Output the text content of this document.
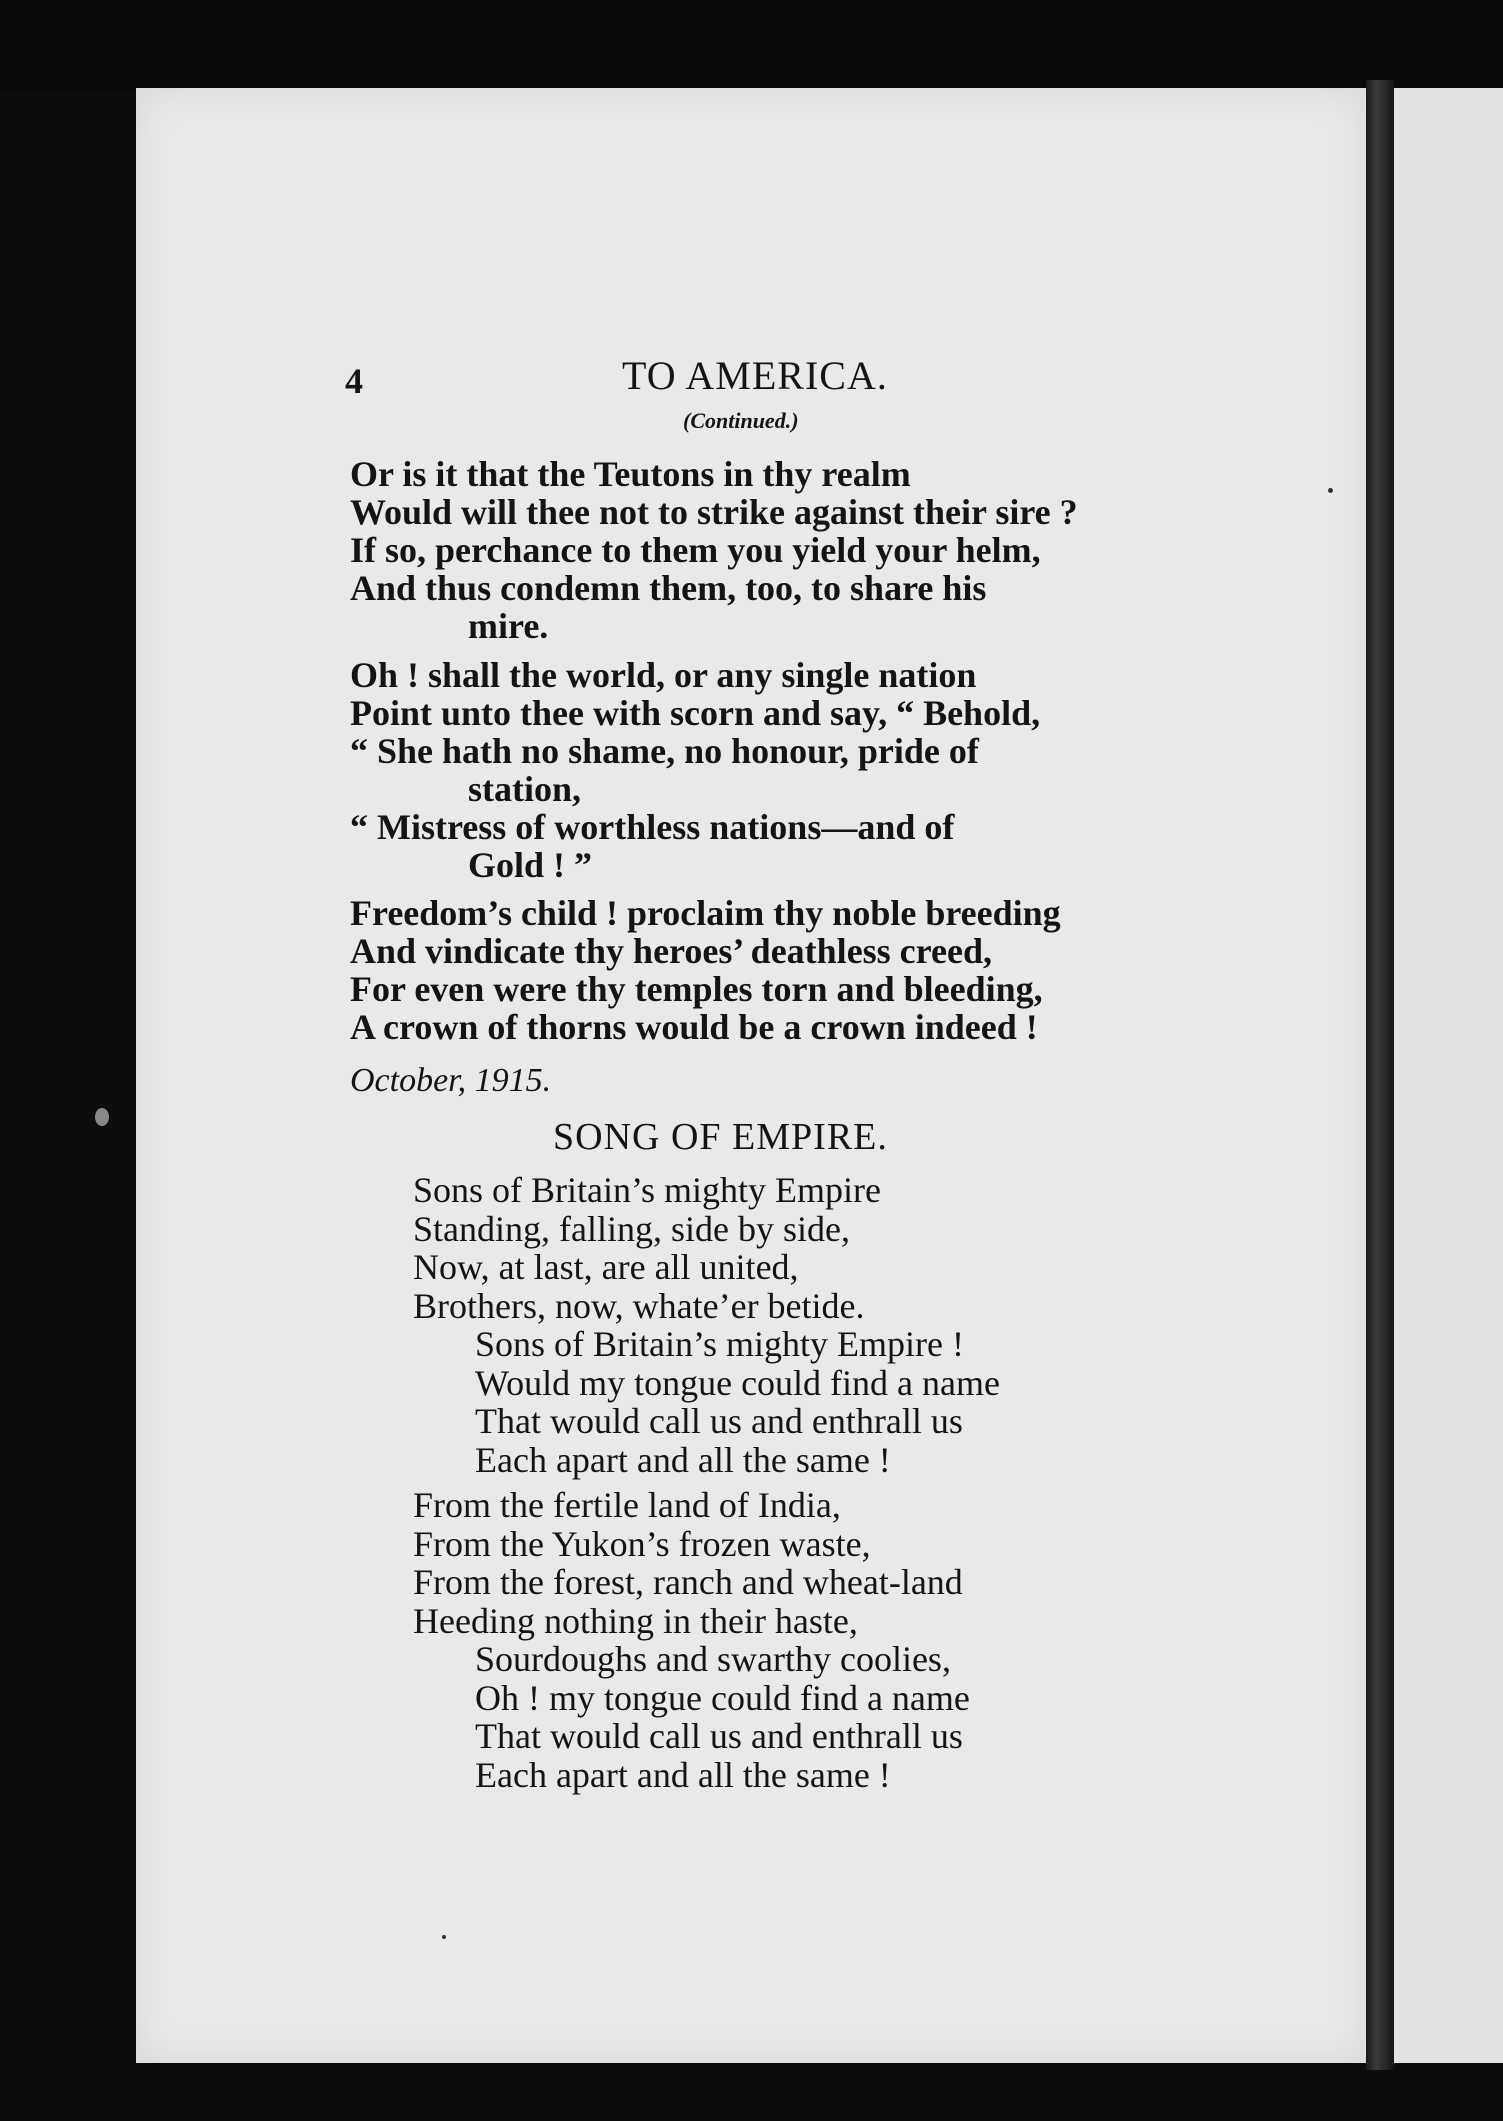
4	TO AMERICA.
(Continued.)
Or is it that the Teutons in thy realm
Would will thee not to strike against their sire ?
If so, perchance to them you yield your helm,
And thus condemn them, too, to share his
mire.
Oh ! shall the world, or any single nation
Point unto thee with scorn and say, “ Behold,
“ She hath no shame, no honour, pride of
station,
“ Mistress of worthless nations—and of
Gold ! ”
Freedom’s child ! proclaim thy noble breeding
And vindicate thy heroes’ deathless creed,
For even were thy temples torn and bleeding,
A crown of thorns would be a crown indeed !
October, 1915.
SONG OF EMPIRE.
Sons of Britain’s mighty Empire
Standing, falling, side by side,
Now, at last, are all united,
Brothers, now, whate’er betide.
Sons of Britain’s mighty Empire !
Would my tongue could find a name
That would call us and enthrall us
Each apart and all the same !
From the fertile land of India,
From the Yukon’s frozen waste,
From the forest, ranch and wheat-land
Heeding nothing in their haste,
Sourdoughs and swarthy coolies,
Oh ! my tongue could find a name
That would call us and enthrall us
Each apart and all the same !
